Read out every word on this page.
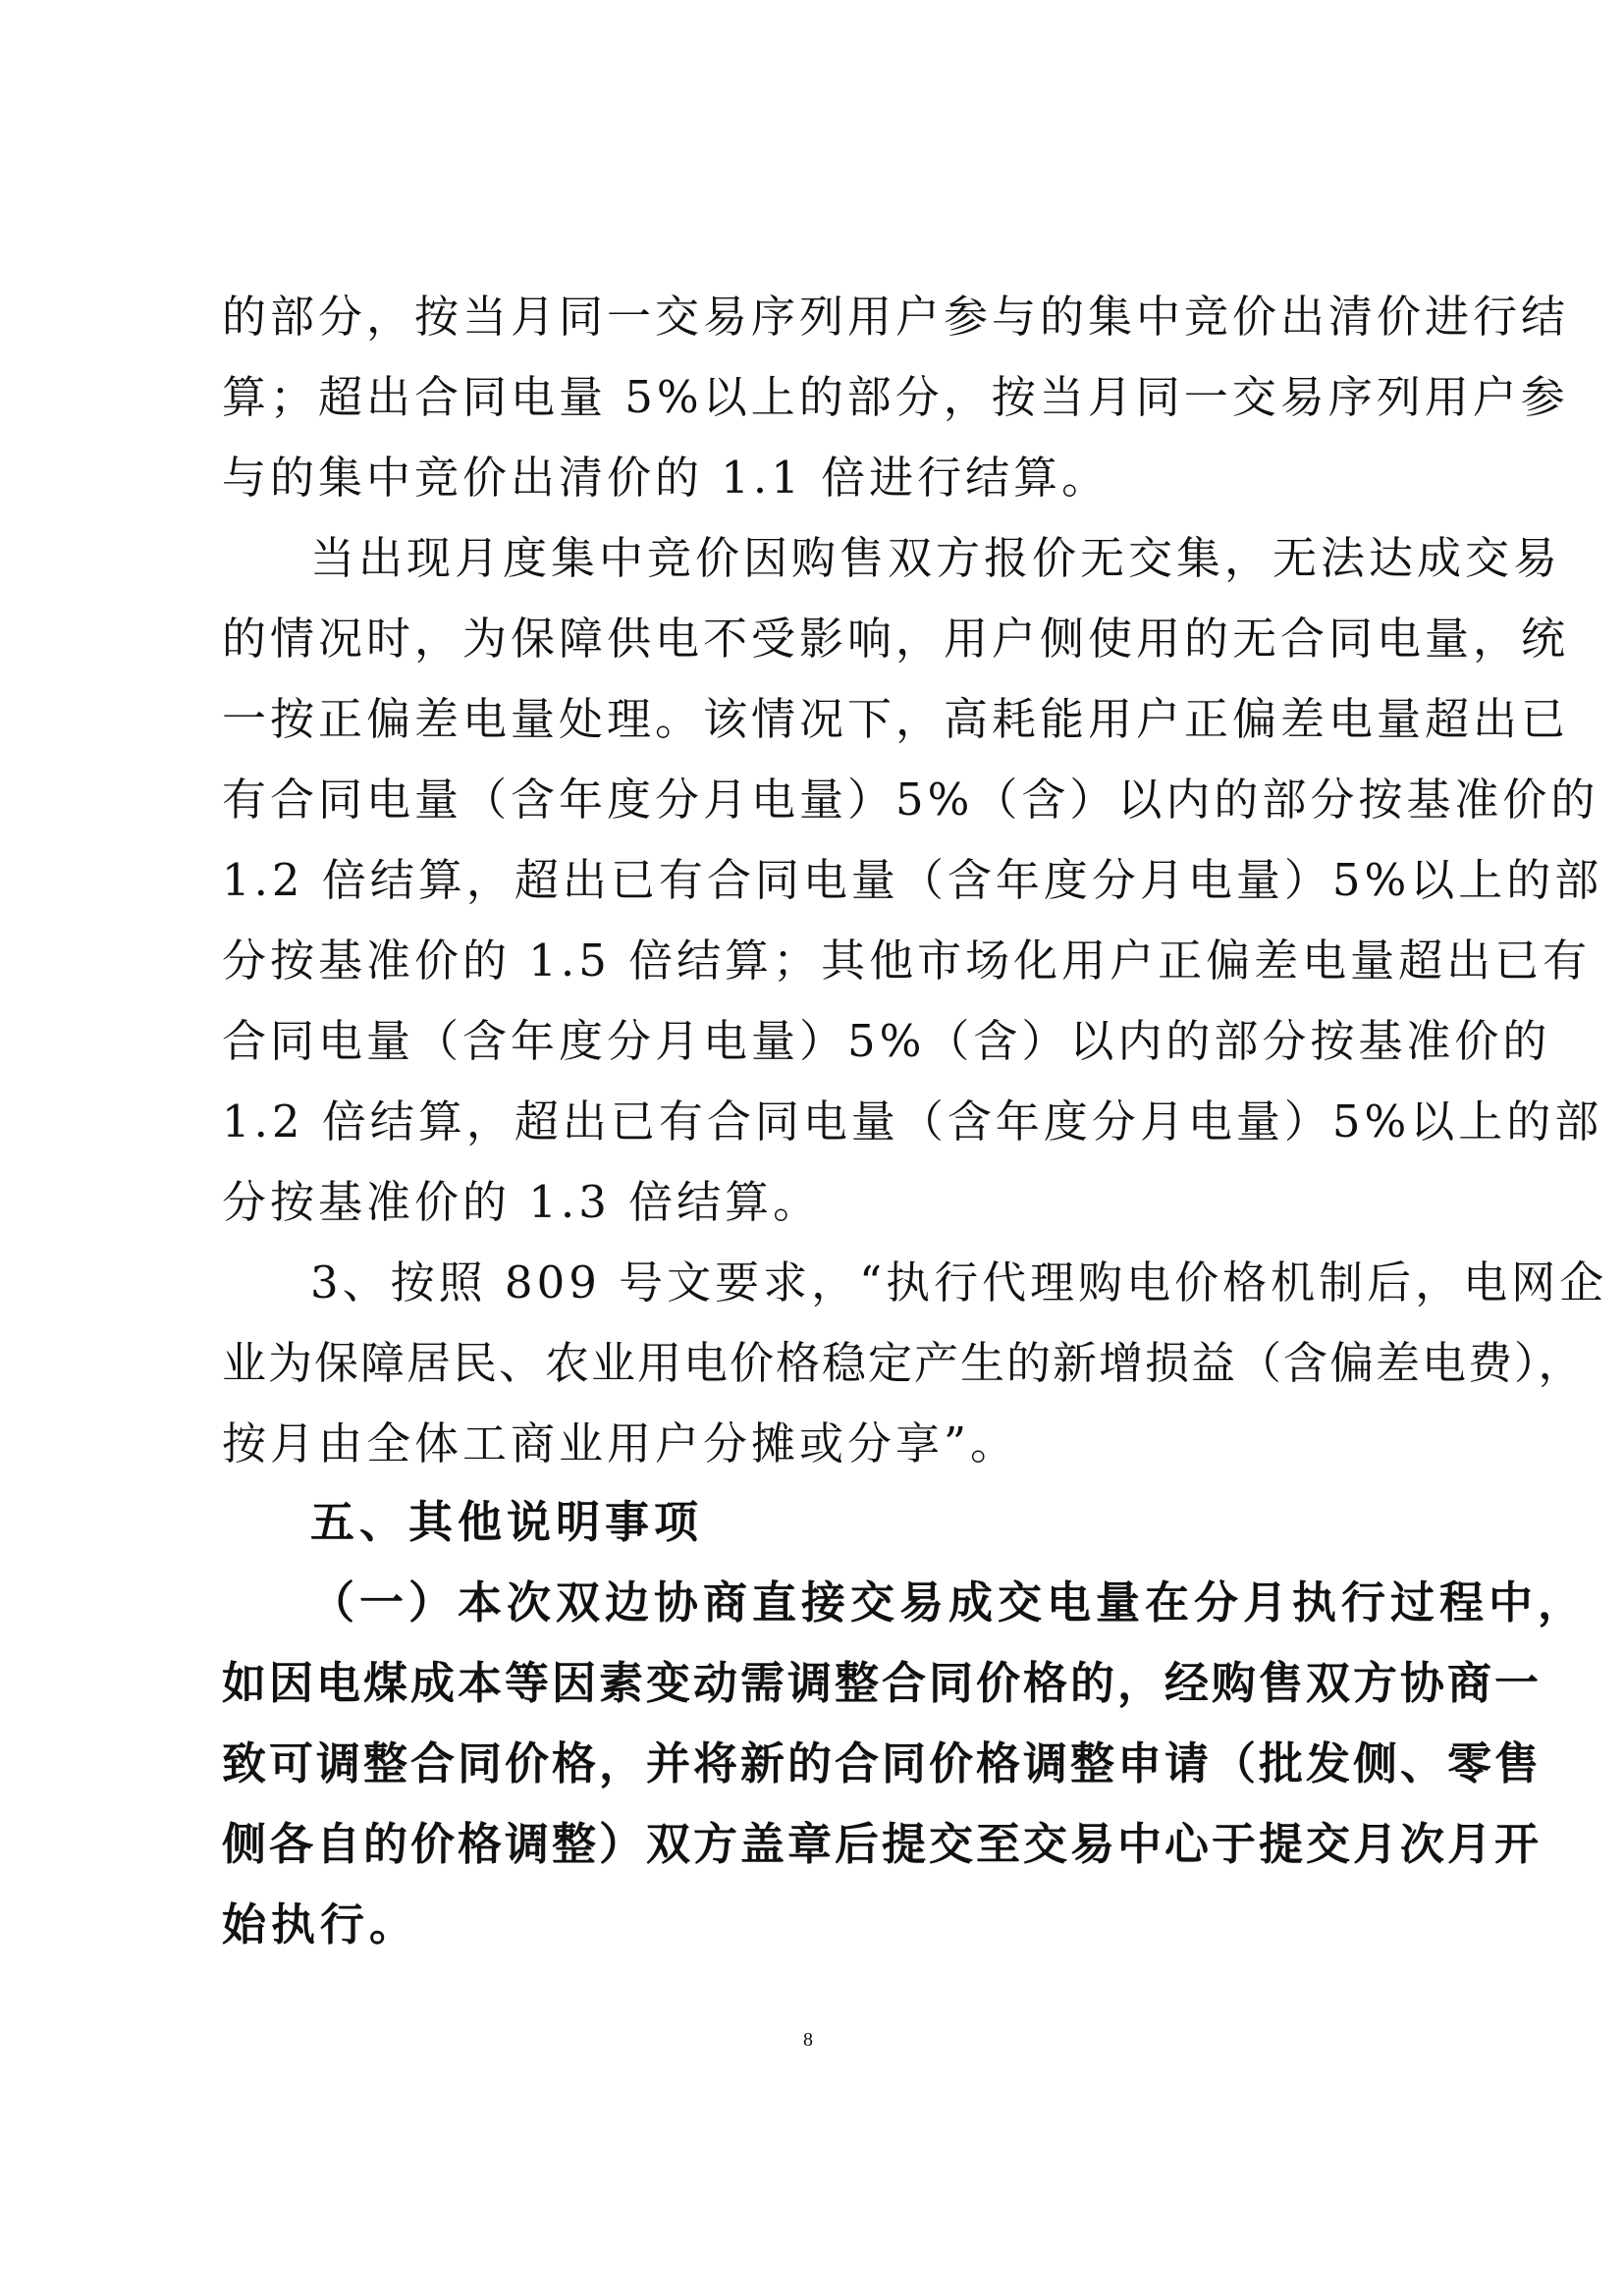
的部分，按当月同一交易序列用户参与的集中竞价出清价进行结
算；超出合同电量 5%以上的部分，按当月同一交易序列用户参
与的集中竞价出清价的 1.1 倍进行结算。
当出现月度集中竞价因购售双方报价无交集，无法达成交易
的情况时，为保障供电不受影响，用户侧使用的无合同电量，统
一按正偏差电量处理。该情况下，高耗能用户正偏差电量超出已
有合同电量（含年度分月电量）5%（含）以内的部分按基准价的
1.2 倍结算，超出已有合同电量（含年度分月电量）5%以上的部
分按基准价的 1.5 倍结算；其他市场化用户正偏差电量超出已有
合同电量（含年度分月电量）5%（含）以内的部分按基准价的
1.2 倍结算，超出已有合同电量（含年度分月电量）5%以上的部
分按基准价的 1.3 倍结算。
3、按照 809 号文要求，“执行代理购电价格机制后，电网企
业为保障居民、农业用电价格稳定产生的新增损益（含偏差电费），
按月由全体工商业用户分摊或分享”。
五、其他说明事项
（一）本次双边协商直接交易成交电量在分月执行过程中，
如因电煤成本等因素变动需调整合同价格的，经购售双方协商一
致可调整合同价格，并将新的合同价格调整申请（批发侧、零售
侧各自的价格调整）双方盖章后提交至交易中心于提交月次月开
始执行。
8
